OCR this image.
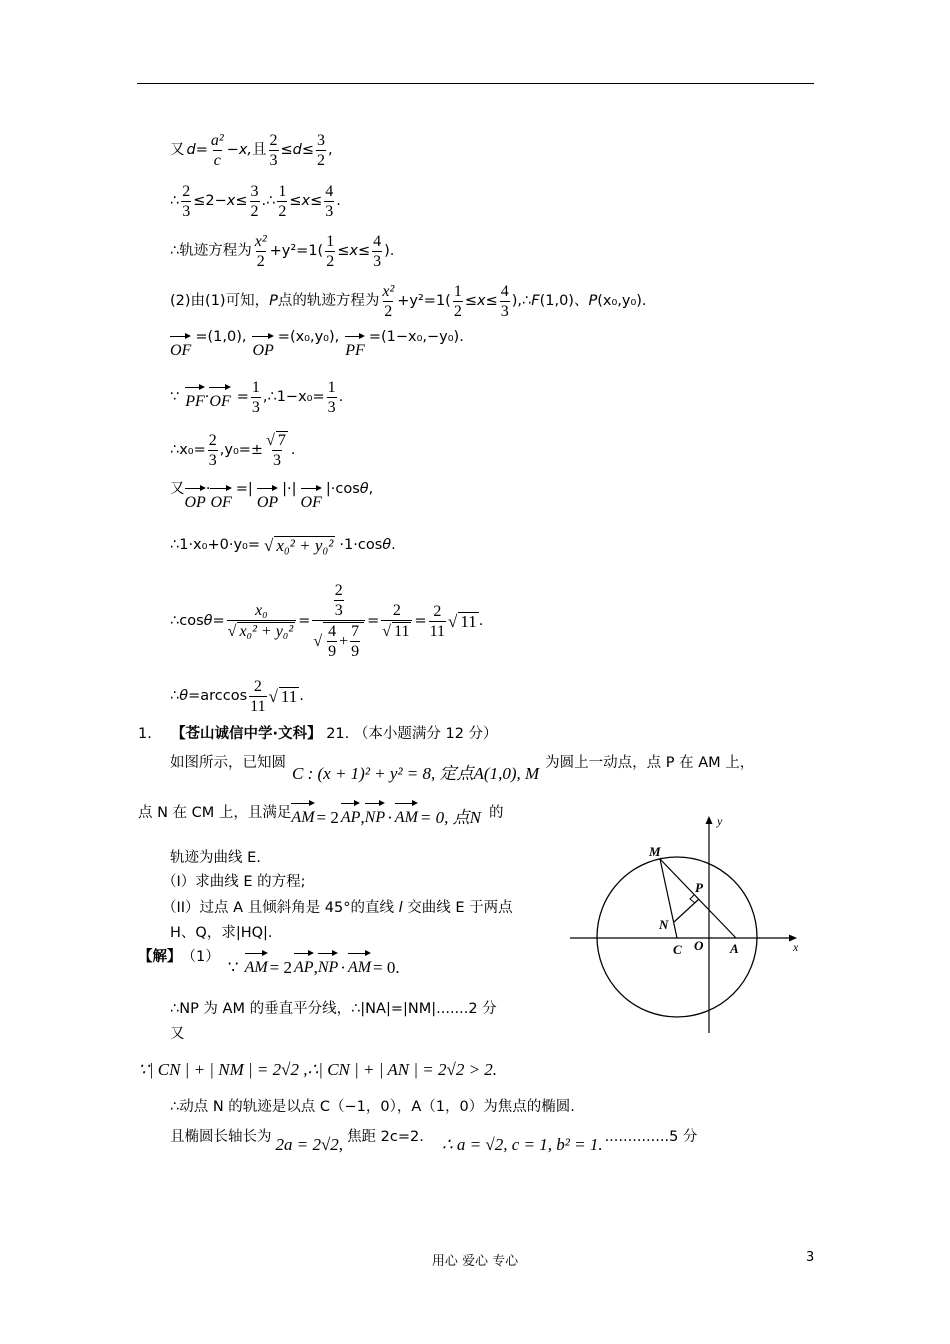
又 $d= \frac{\text{a²}}{c} - x$, 且 $\frac{2}{3} \le d \le \frac{3}{2}$ ,
∴ $\frac{2}{3} \le 2- x \le \frac{3}{2}$ .∴ $\frac{1}{2} \le x \le \frac{4}{3}$ .
∴轨迹方程为 $\frac{\text{x²}}{2} +y^2=1( \frac{1}{2} \le x \le \frac{4}{3}$ ).
(2)由(1)可知， P 点的轨迹方程为 $\frac{\text{x²}}{2} +y^2=1( \frac{1}{2} \le x \le \frac{4}{3}$ ),∴ F (1,0)、 P (x₀,y₀).
OF
=(1,0),
OP
=(x₀,y₀),
PF
=(1−x₀,−y₀).
∵ PF · OF = $\frac{1}{3}$ ,∴1−x₀= $\frac{1}{3}$ .
∴x₀= $\frac{2}{3} ,y_0=\pm \frac{√ 7}{3}$ .
又
OP
·
OF
=|
OP
|·|
OF
|·cos θ ,
∴1·x₀+0·y₀= √ x₀² + y₀² ·1·cos θ .
∴cos $\theta = \frac{\text{x₀}}{\text{√ x₀² + y₀²}} = \frac{\frac{2}{3}}{√ \frac{4}{9} + \frac{7}{9}} = \frac{2}{√ 11} = \frac{2}{11}$ √ 11 .
∴ $\theta =\arccos \frac{2}{11}$ √ 11 .
1. 【苍山诚信中学·文科】 21. （本小题满分 12 分）
如图所示，已知圆
C : (x + 1)² + y² = 8, 定点A(1,0), M
为圆上一动点，点 P 在 AM 上，
点 N 在 CM 上，且满足 AM = 2 AP , NP · AM = 0, 点N 的
轨迹为曲线 E.
（I）求曲线 E 的方程;
（II）过点 A 且倾斜角是 45°的直线 l 交曲线 E 于两点
H、Q，求|HQ|.
【解】 （1）
∵ AM = 2 AP , NP · AM = 0.
∴NP 为 AM 的垂直平分线，∴|NA|=|NM|.......2 分
又
∵| CN | + | NM | = 2√2 ,∴| CN | + | AN | = 2√2 > 2.
∴动点 N 的轨迹是以点 C（−1，0），A（1，0）为焦点的椭圆.
且椭圆长轴长为 2a = 2√2, 焦距 2c=2. ∴ a = √2, c = 1, b² = 1. ..............5 分
M
P
N
C O A	x
y
用心 爱心 专心	3
